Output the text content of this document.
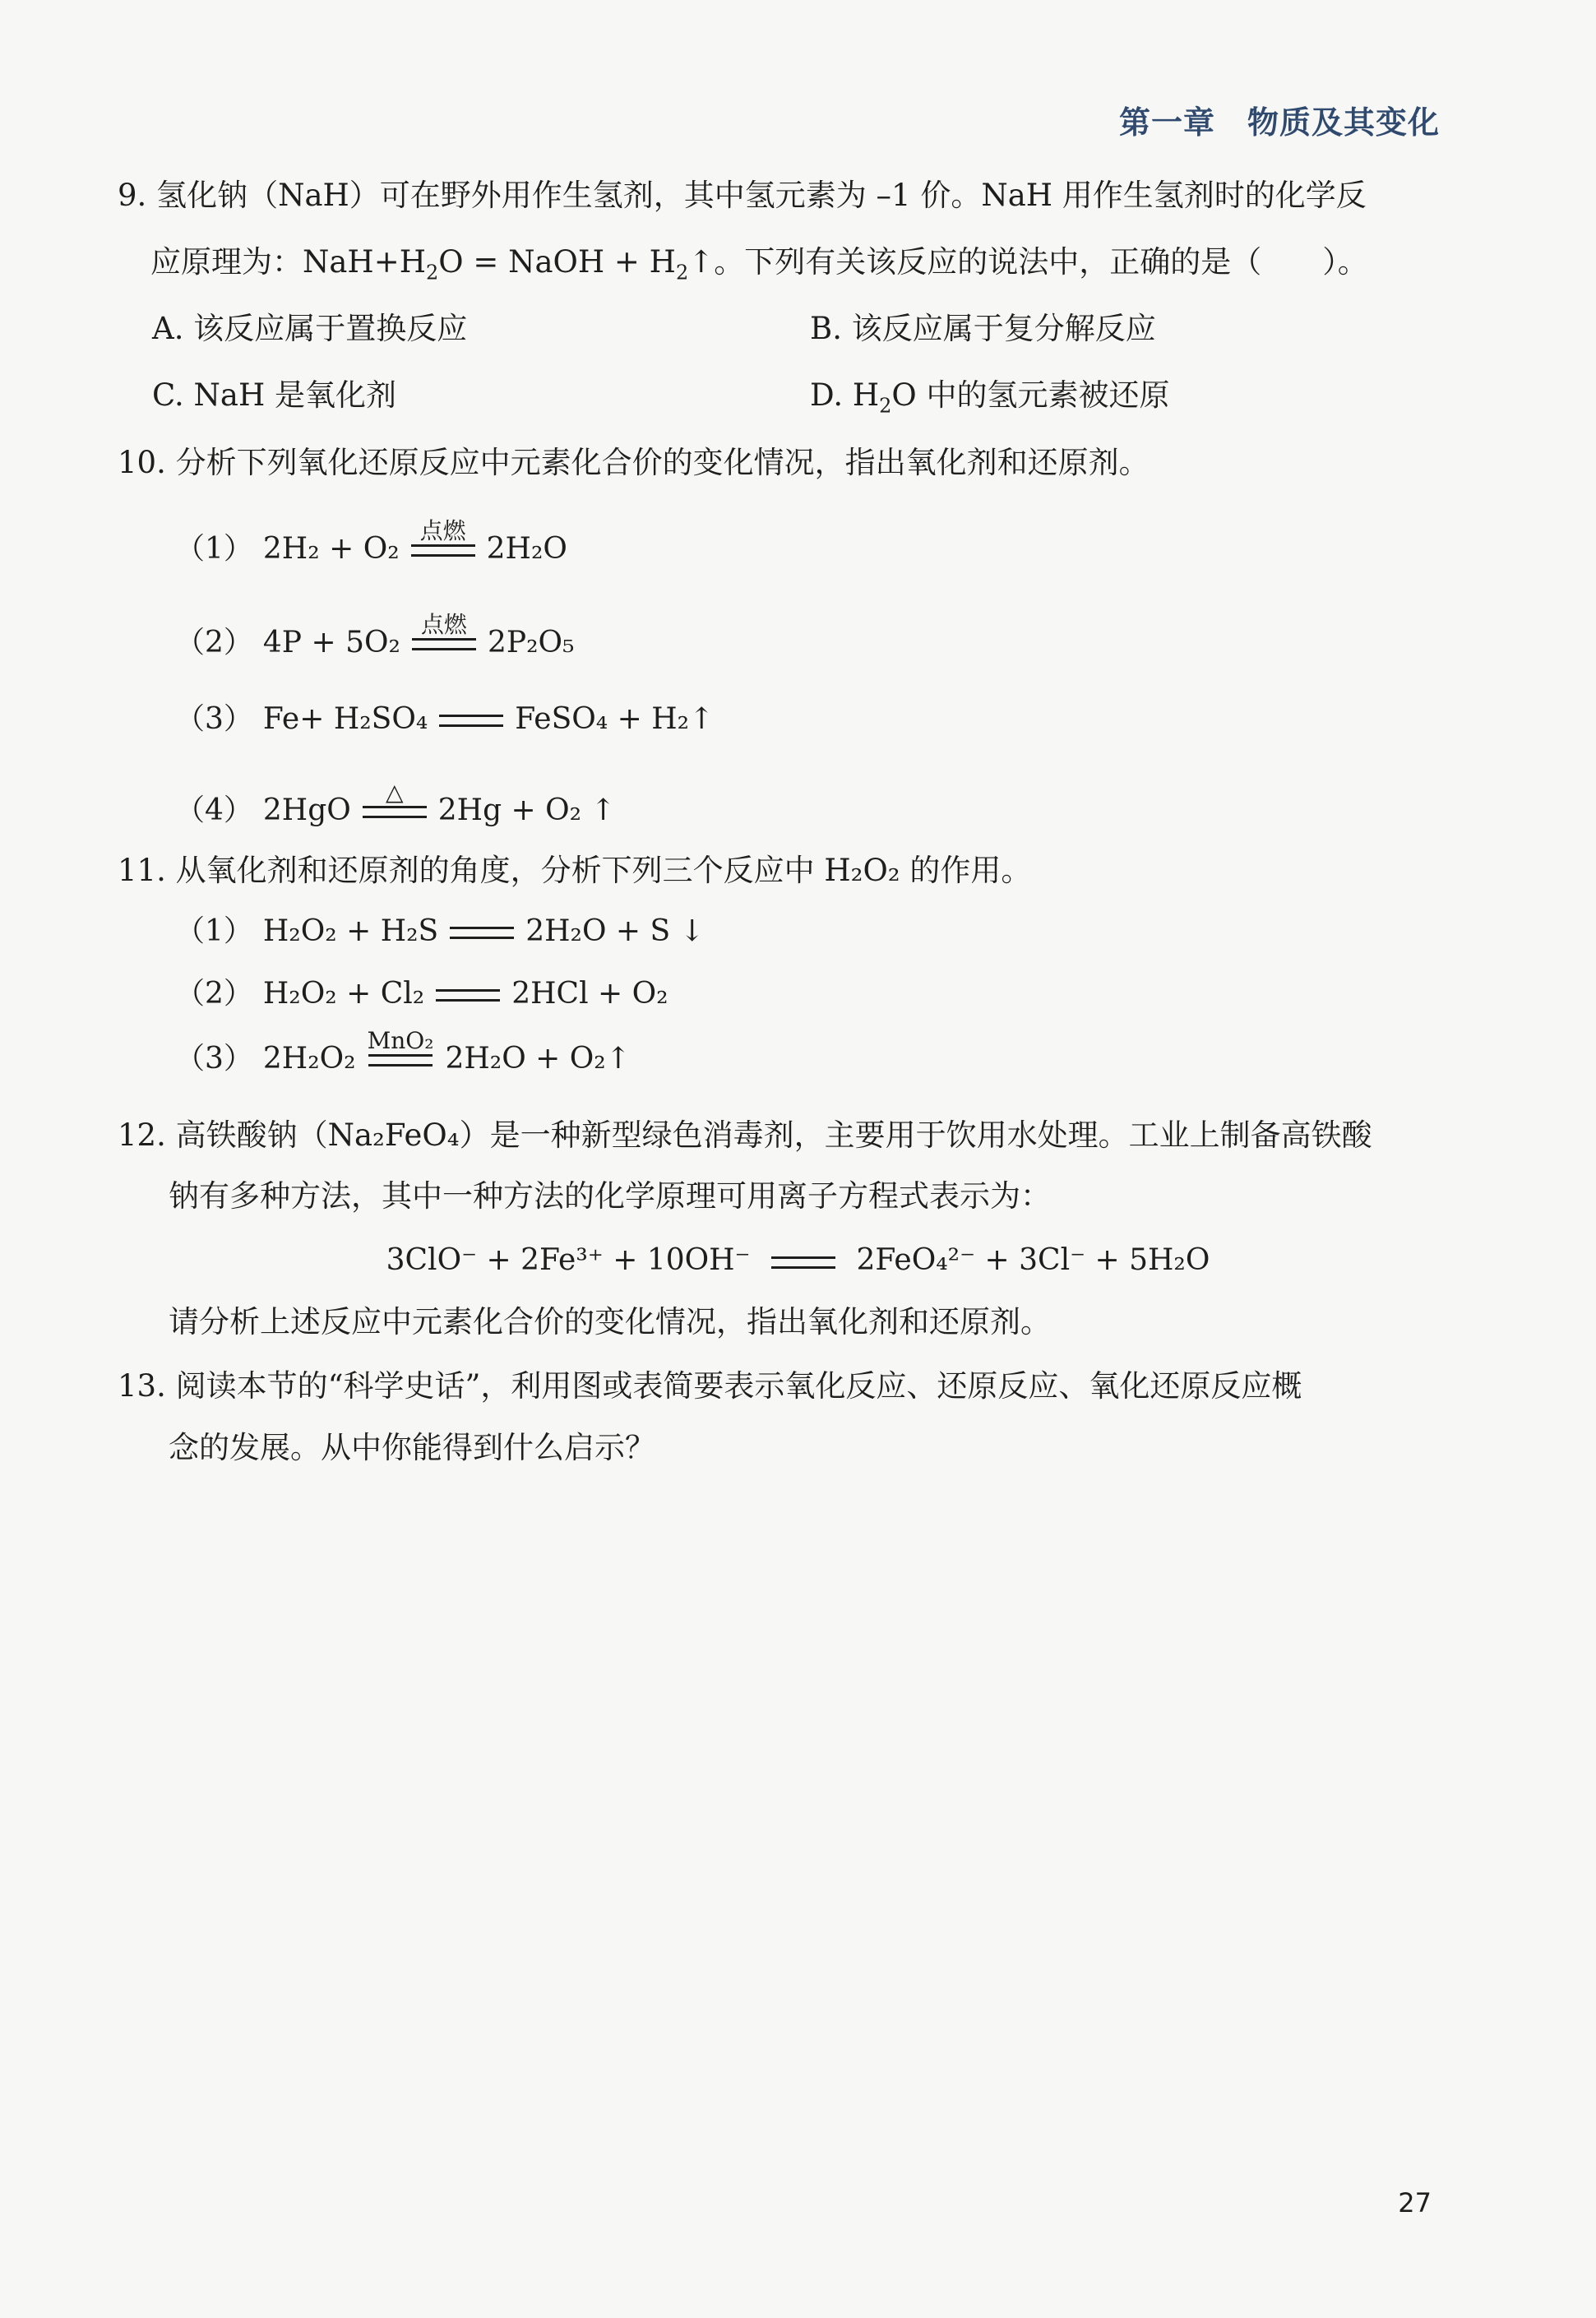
第一章　物质及其变化
9. 氢化钠（NaH）可在野外用作生氢剂，其中氢元素为 –1 价。NaH 用作生氢剂时的化学反
应原理为：$NaH+H_2O$ = NaOH + $H_2↑$。下列有关该反应的说法中，正确的是（　　）。
A. 该反应属于置换反应	B. 该反应属于复分解反应
C. NaH 是氧化剂	D. $H_2O$ 中的氢元素被还原
10. 分析下列氧化还原反应中元素化合价的变化情况，指出氧化剂和还原剂。
（1） 2H₂ + O₂
点燃
2H₂O
（2） 4P + 5O₂
点燃
2P₂O₅
（3） Fe+ H₂SO₄	FeSO₄ + H₂↑
（4） 2HgO
△
2Hg + O₂ ↑
11. 从氧化剂和还原剂的角度，分析下列三个反应中 H₂O₂ 的作用。
（1） H₂O₂ + H₂S	2H₂O + S ↓
（2） H₂O₂ + Cl₂	2HCl + O₂
（3） 2H₂O₂
MnO₂
2H₂O + O₂↑
12. 高铁酸钠（Na₂FeO₄）是一种新型绿色消毒剂，主要用于饮用水处理。工业上制备高铁酸
钠有多种方法，其中一种方法的化学原理可用离子方程式表示为：
3ClO⁻ + 2Fe³⁺ + 10OH⁻	2FeO₄²⁻ + 3Cl⁻ + 5H₂O
请分析上述反应中元素化合价的变化情况，指出氧化剂和还原剂。
13. 阅读本节的“科学史话”，利用图或表简要表示氧化反应、还原反应、氧化还原反应概
念的发展。从中你能得到什么启示？
27
